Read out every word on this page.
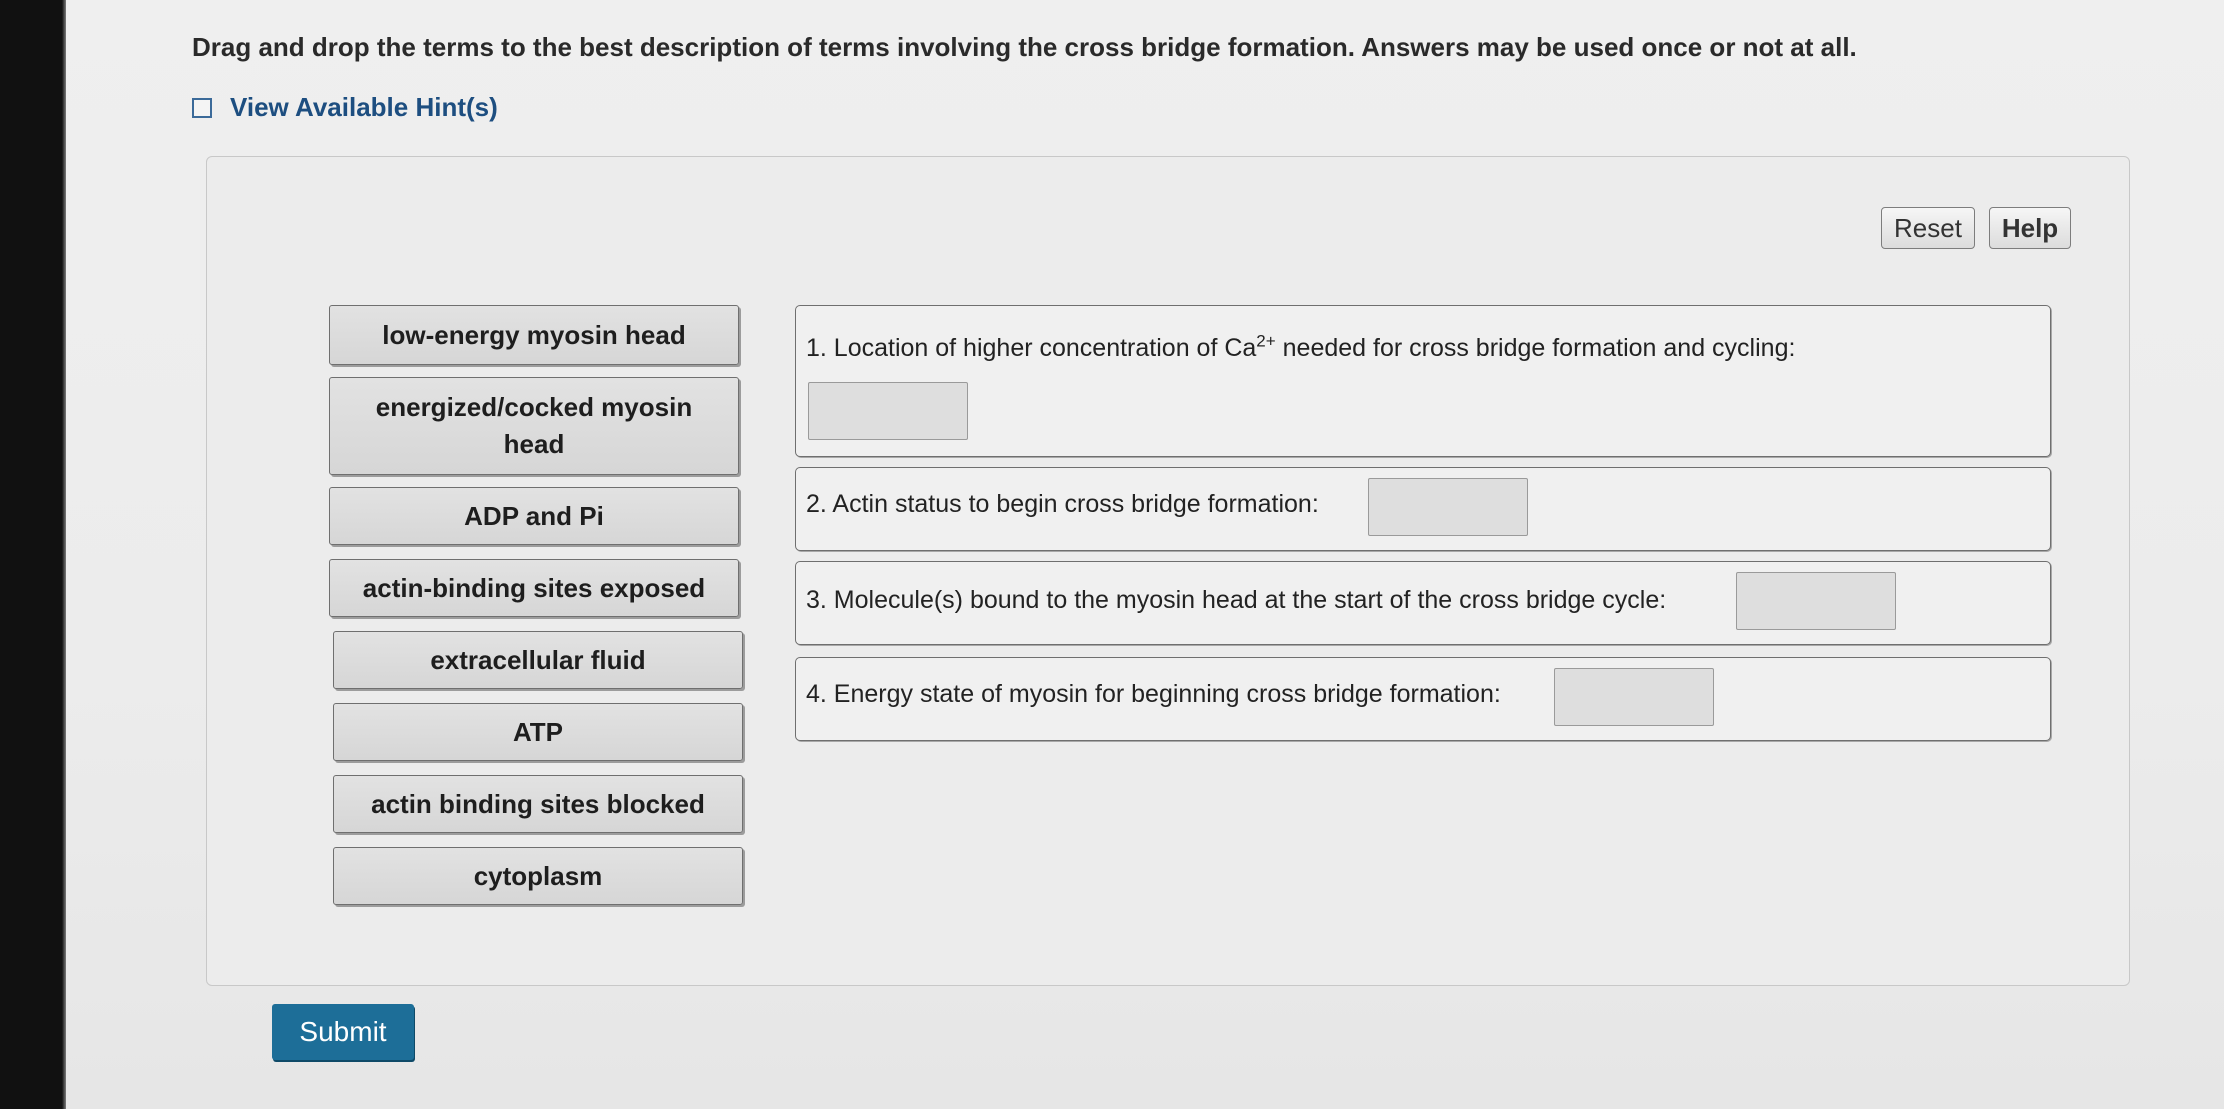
Drag and drop the terms to the best description of terms involving the cross bridge formation. Answers may be used once or not at all.
View Available Hint(s)
Reset	Help
low-energy myosin head
energized/cocked myosin head
ADP and Pi
actin-binding sites exposed
extracellular fluid
ATP
actin binding sites blocked
cytoplasm
1. Location of higher concentration of $Ca^{2+}$ needed for cross bridge formation and cycling:
2. Actin status to begin cross bridge formation:
3. Molecule(s) bound to the myosin head at the start of the cross bridge cycle:
4. Energy state of myosin for beginning cross bridge formation:
Submit
